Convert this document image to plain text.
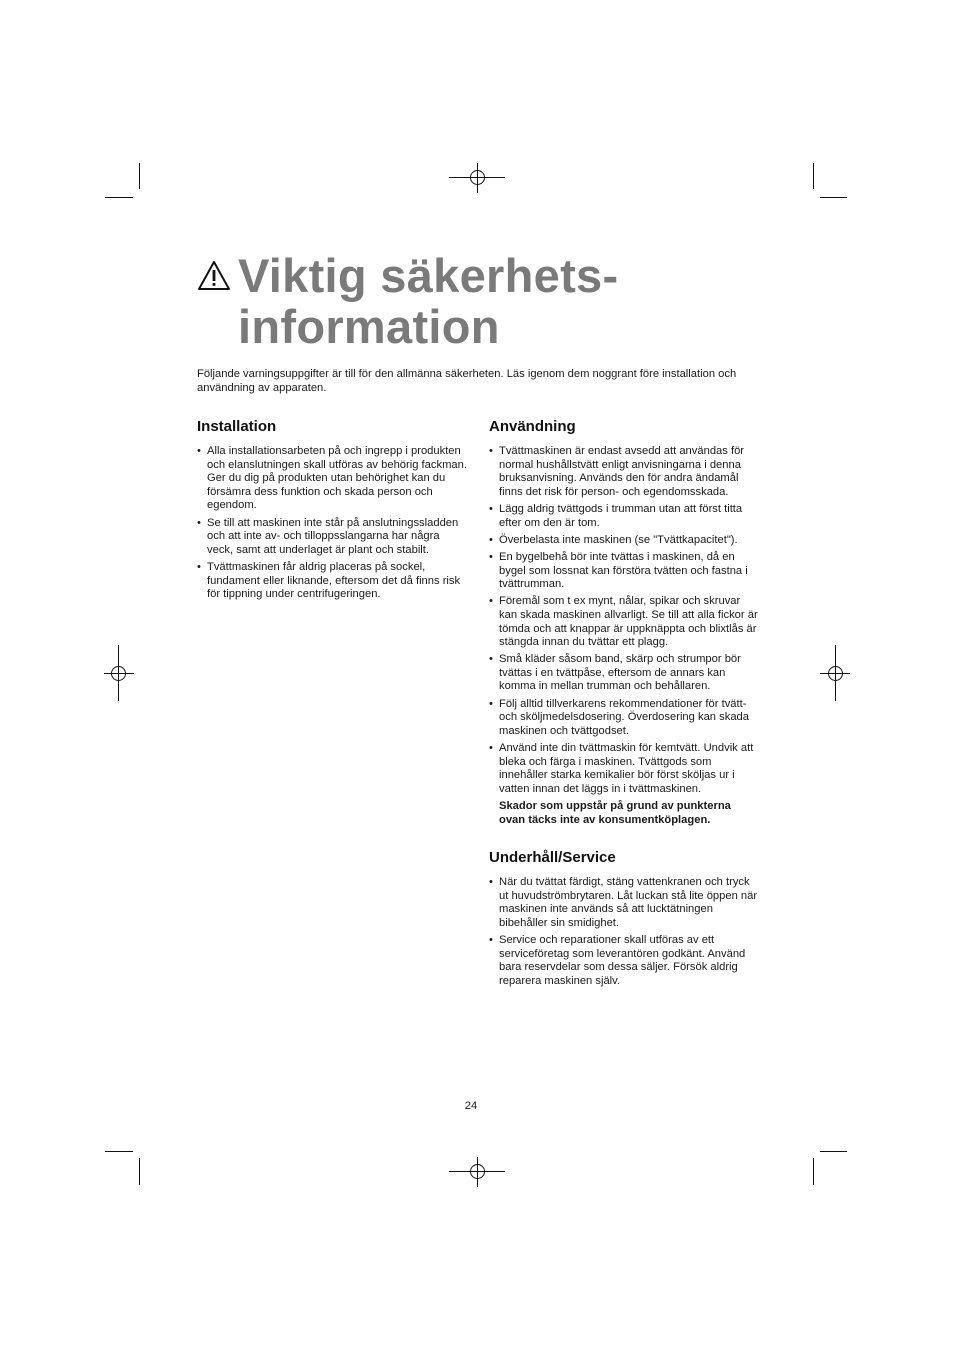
Viktig säkerhets-
information

Följande varningsuppgifter är till för den allmänna säkerheten. Läs igenom dem noggrant före installation och användning av apparaten.

Installation
• Alla installationsarbeten på och ingrepp i produkten och elanslutningen skall utföras av behörig fackman. Ger du dig på produkten utan behörighet kan du försämra dess funktion och skada person och egendom.
• Se till att maskinen inte står på anslutningssladden och att inte av- och tilloppsslangarna har några veck, samt att underlaget är plant och stabilt.
• Tvättmaskinen får aldrig placeras på sockel, fundament eller liknande, eftersom det då finns risk för tippning under centrifugeringen.
Användning
• Tvättmaskinen är endast avsedd att användas för normal hushållstvätt enligt anvisningarna i denna bruksanvisning. Används den för andra ändamål finns det risk för person- och egendomsskada.
• Lägg aldrig tvättgods i trumman utan att först titta efter om den är tom.
• Överbelasta inte maskinen (se "Tvättkapacitet").
• En bygelbehå bör inte tvättas i maskinen, då en bygel som lossnat kan förstöra tvätten och fastna i tvättrumman.
• Föremål som t ex mynt, nålar, spikar och skruvar kan skada maskinen allvarligt. Se till att alla fickor är tömda och att knappar är uppknäppta och blixtlås är stängda innan du tvättar ett plagg.
• Små kläder såsom band, skärp och strumpor bör tvättas i en tvättpåse, eftersom de annars kan komma in mellan trumman och behållaren.
• Följ alltid tillverkarens rekommendationer för tvätt- och sköljmedelsdosering. Överdosering kan skada maskinen och tvättgodset.
• Använd inte din tvättmaskin för kemtvätt. Undvik att bleka och färga i maskinen. Tvättgods som innehåller starka kemikalier bör först sköljas ur i vatten innan det läggs in i tvättmaskinen.

Skador som uppstår på grund av punkterna ovan täcks inte av konsumentköplagen.

Underhåll/Service
• När du tvättat färdigt, stäng vattenkranen och tryck ut huvudströmbrytaren. Låt luckan stå lite öppen när maskinen inte används så att lucktätningen bibehåller sin smidighet.
• Service och reparationer skall utföras av ett serviceföretag som leverantören godkänt. Använd bara reservdelar som dessa säljer. Försök aldrig reparera maskinen själv.
24
